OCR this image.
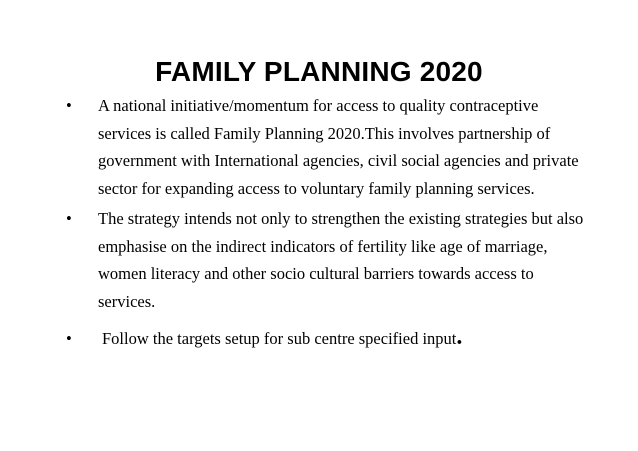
FAMILY PLANNING 2020
•	A national initiative/momentum for access to quality contraceptive services is called Family Planning 2020.This involves partnership of government with International agencies, civil social agencies and private sector for expanding access to voluntary family planning services.
•	The strategy intends not only to strengthen the existing strategies but also emphasise on the indirect indicators of fertility like age of marriage, women literacy and other socio cultural barriers towards access to services.
•	Follow the targets setup for sub centre specified input.
